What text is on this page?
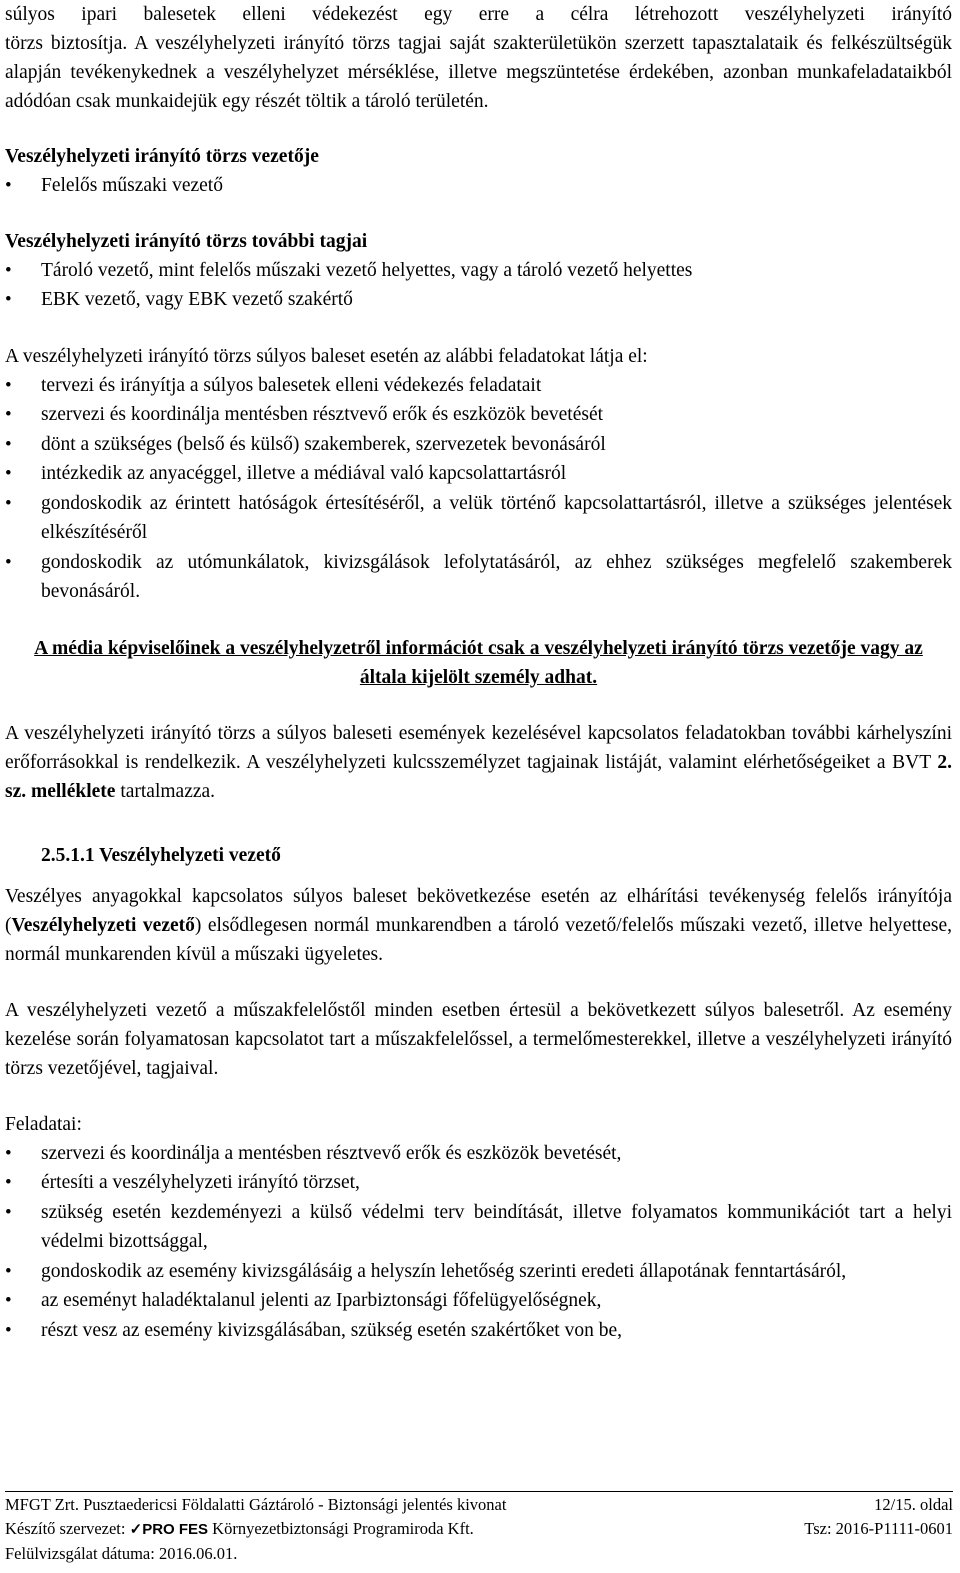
súlyos ipari balesetek elleni védekezést egy erre a célra létrehozott veszélyhelyzeti irányító

törzs biztosítja. A veszélyhelyzeti irányító törzs tagjai saját szakterületükön szerzett tapasztalataik és felkészültségük alapján tevékenykednek a veszélyhelyzet mérséklése, illetve megszüntetése érdekében, azonban munkafeladataikból adódóan csak munkaidejük egy részét töltik a tároló területén.

Veszélyhelyzeti irányító törzs vezetője

• Felelős műszaki vezető

Veszélyhelyzeti irányító törzs további tagjai

• Tároló vezető, mint felelős műszaki vezető helyettes, vagy a tároló vezető helyettes
• EBK vezető, vagy EBK vezető szakértő

A veszélyhelyzeti irányító törzs súlyos baleset esetén az alábbi feladatokat látja el:

• tervezi és irányítja a súlyos balesetek elleni védekezés feladatait
• szervezi és koordinálja mentésben résztvevő erők és eszközök bevetését
• dönt a szükséges (belső és külső) szakemberek, szervezetek bevonásáról
• intézkedik az anyacéggel, illetve a médiával való kapcsolattartásról
• gondoskodik az érintett hatóságok értesítéséről, a velük történő kapcsolattartásról, illetve a szükséges jelentések elkészítéséről
• gondoskodik az utómunkálatok, kivizsgálások lefolytatásáról, az ehhez szükséges megfelelő szakemberek bevonásáról.

A média képviselőinek a veszélyhelyzetről információt csak a veszélyhelyzeti irányító törzs vezetője vagy az általa kijelölt személy adhat.

A veszélyhelyzeti irányító törzs a súlyos baleseti események kezelésével kapcsolatos feladatokban további kárhelyszíni erőforrásokkal is rendelkezik. A veszélyhelyzeti kulcsszemélyzet tagjainak listáját, valamint elérhetőségeiket a BVT 2. sz. melléklete tartalmazza.

2.5.1.1 Veszélyhelyzeti vezető

Veszélyes anyagokkal kapcsolatos súlyos baleset bekövetkezése esetén az elhárítási tevékenység felelős irányítója (Veszélyhelyzeti vezető) elsődlegesen normál munkarendben a tároló vezető/felelős műszaki vezető, illetve helyettese, normál munkarenden kívül a műszaki ügyeletes.

A veszélyhelyzeti vezető a műszakfelelőstől minden esetben értesül a bekövetkezett súlyos balesetről. Az esemény kezelése során folyamatosan kapcsolatot tart a műszakfelelőssel, a termelőmesterekkel, illetve a veszélyhelyzeti irányító törzs vezetőjével, tagjaival.

Feladatai:

• szervezi és koordinálja a mentésben résztvevő erők és eszközök bevetését,
• értesíti a veszélyhelyzeti irányító törzset,
• szükség esetén kezdeményezi a külső védelmi terv beindítását, illetve folyamatos kommunikációt tart a helyi védelmi bizottsággal,
• gondoskodik az esemény kivizsgálásáig a helyszín lehetőség szerinti eredeti állapotának fenntartásáról,
• az eseményt haladéktalanul jelenti az Iparbiztonsági főfelügyelőségnek,
• részt vesz az esemény kivizsgálásában, szükség esetén szakértőket von be,
MFGT Zrt. Pusztaedericsi Földalatti Gáztároló - Biztonsági jelentés kivonat	12/15. oldal
Készítő szervezet: ✓PRO FES Környezetbiztonsági Programiroda Kft.	Tsz: 2016-P1111-0601
Felülvizsgálat dátuma: 2016.06.01.
